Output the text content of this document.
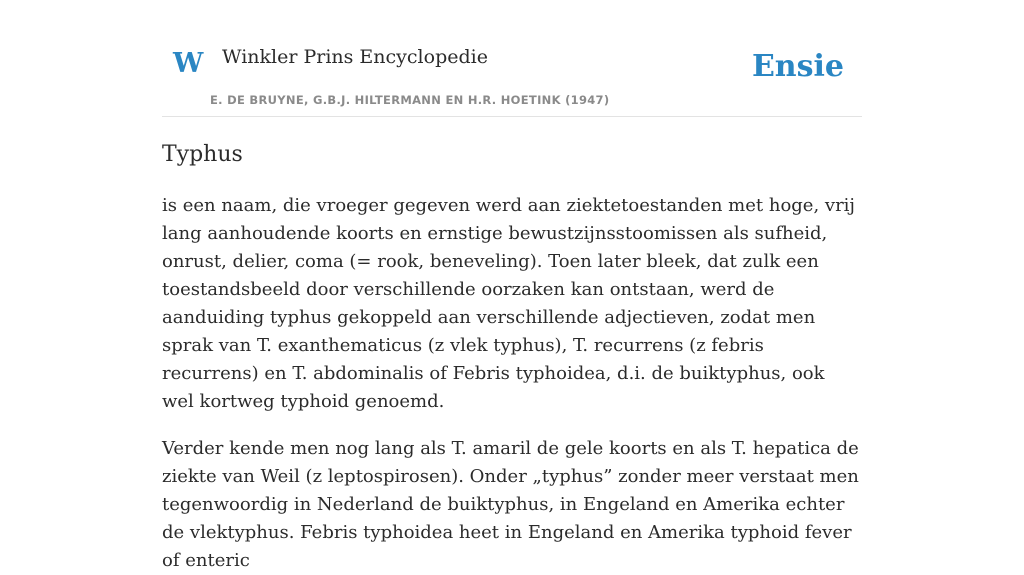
W Winkler Prins Encyclopedie
E. DE BRUYNE, G.B.J. HILTERMANN EN H.R. HOETINK (1947)
Ensie
Typhus

is een naam, die vroeger gegeven werd aan ziektetoestanden met hoge, vrij lang aanhoudende koorts en ernstige bewustzijnsstoomissen als sufheid, onrust, delier, coma (= rook, beneveling). Toen later bleek, dat zulk een toestandsbeeld door verschillende oorzaken kan ontstaan, werd de aanduiding typhus gekoppeld aan verschillende adjectieven, zodat men sprak van T. exanthematicus (z vlek typhus), T. recurrens (z febris recurrens) en T. abdominalis of Febris typhoidea, d.i. de buiktyphus, ook wel kortweg typhoid genoemd.

Verder kende men nog lang als T. amaril de gele koorts en als T. hepatica de ziekte van Weil (z leptospirosen). Onder „typhus” zonder meer verstaat men tegenwoordig in Nederland de buiktyphus, in Engeland en Amerika echter de vlektyphus. Febris typhoidea heet in Engeland en Amerika typhoid fever of enteric
